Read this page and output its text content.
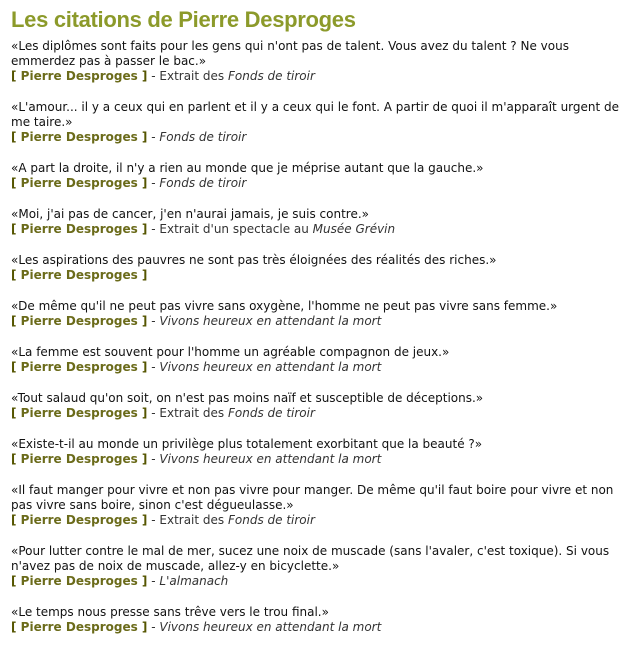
Les citations de Pierre Desproges

«Les diplômes sont faits pour les gens qui n'ont pas de talent. Vous avez du talent ? Ne vous emmerdez pas à passer le bac.»

[ Pierre Desproges ] - Extrait des Fonds de tiroir

«L'amour... il y a ceux qui en parlent et il y a ceux qui le font. A partir de quoi il m'apparaît urgent de me taire.»

[ Pierre Desproges ] - Fonds de tiroir

«A part la droite, il n'y a rien au monde que je méprise autant que la gauche.»

[ Pierre Desproges ] - Fonds de tiroir

«Moi, j'ai pas de cancer, j'en n'aurai jamais, je suis contre.»

[ Pierre Desproges ] - Extrait d'un spectacle au Musée Grévin

«Les aspirations des pauvres ne sont pas très éloignées des réalités des riches.»

[ Pierre Desproges ]

«De même qu'il ne peut pas vivre sans oxygène, l'homme ne peut pas vivre sans femme.»

[ Pierre Desproges ] - Vivons heureux en attendant la mort

«La femme est souvent pour l'homme un agréable compagnon de jeux.»

[ Pierre Desproges ] - Vivons heureux en attendant la mort

«Tout salaud qu'on soit, on n'est pas moins naïf et susceptible de déceptions.»

[ Pierre Desproges ] - Extrait des Fonds de tiroir

«Existe-t-il au monde un privilège plus totalement exorbitant que la beauté ?»

[ Pierre Desproges ] - Vivons heureux en attendant la mort

«Il faut manger pour vivre et non pas vivre pour manger. De même qu'il faut boire pour vivre et non pas vivre sans boire, sinon c'est dégueulasse.»

[ Pierre Desproges ] - Extrait des Fonds de tiroir

«Pour lutter contre le mal de mer, sucez une noix de muscade (sans l'avaler, c'est toxique). Si vous n'avez pas de noix de muscade, allez-y en bicyclette.»

[ Pierre Desproges ] - L'almanach

«Le temps nous presse sans trêve vers le trou final.»

[ Pierre Desproges ] - Vivons heureux en attendant la mort
